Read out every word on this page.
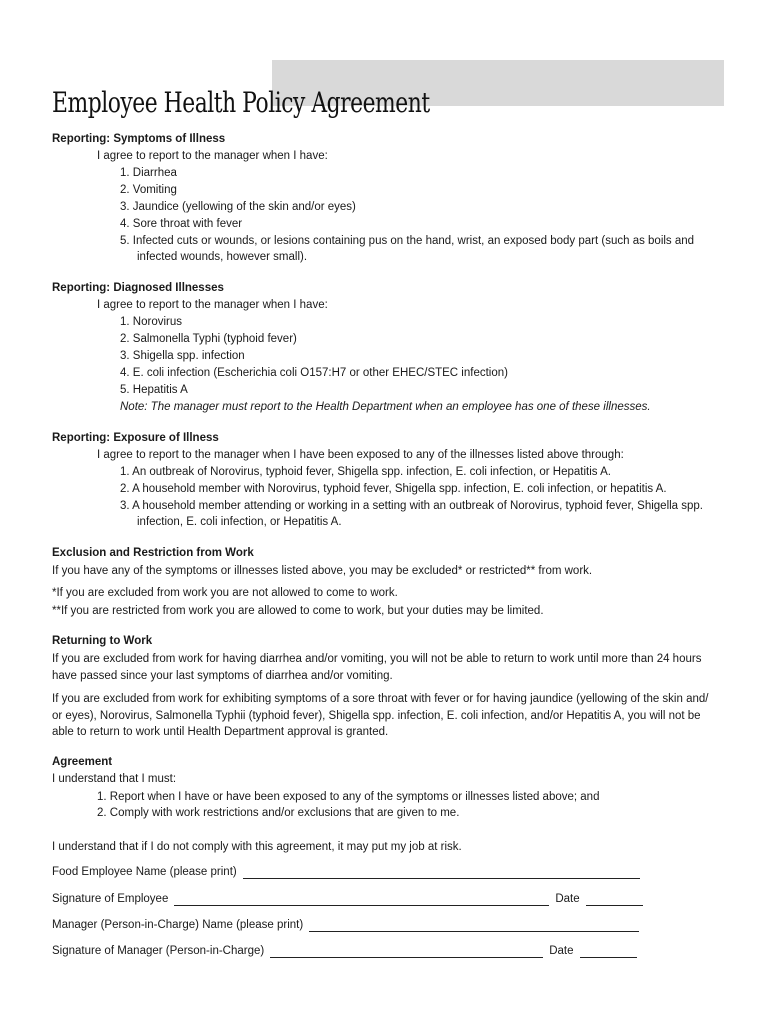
Employee Health Policy Agreement
Reporting: Symptoms of Illness
I agree to report to the manager when I have:
1. Diarrhea
2. Vomiting
3. Jaundice (yellowing of the skin and/or eyes)
4. Sore throat with fever
5. Infected cuts or wounds, or lesions containing pus on the hand, wrist, an exposed body part (such as boils and
infected wounds, however small).
Reporting: Diagnosed Illnesses
I agree to report to the manager when I have:
1. Norovirus
2. Salmonella Typhi (typhoid fever)
3. Shigella spp. infection
4. E. coli infection (Escherichia coli O157:H7 or other EHEC/STEC infection)
5. Hepatitis A
Note: The manager must report to the Health Department when an employee has one of these illnesses.
Reporting: Exposure of Illness
I agree to report to the manager when I have been exposed to any of the illnesses listed above through:
1. An outbreak of Norovirus, typhoid fever, Shigella spp. infection, E. coli infection, or Hepatitis A.
2. A household member with Norovirus, typhoid fever, Shigella spp. infection, E. coli infection, or hepatitis A.
3. A household member attending or working in a setting with an outbreak of Norovirus, typhoid fever, Shigella spp.
infection, E. coli infection, or Hepatitis A.
Exclusion and Restriction from Work
If you have any of the symptoms or illnesses listed above, you may be excluded* or restricted** from work.
*If you are excluded from work you are not allowed to come to work.
**If you are restricted from work you are allowed to come to work, but your duties may be limited.
Returning to Work
If you are excluded from work for having diarrhea and/or vomiting, you will not be able to return to work until more than 24 hours
have passed since your last symptoms of diarrhea and/or vomiting.
If you are excluded from work for exhibiting symptoms of a sore throat with fever or for having jaundice (yellowing of the skin and/
or eyes), Norovirus, Salmonella Typhii (typhoid fever), Shigella spp. infection, E. coli infection, and/or Hepatitis A, you will not be
able to return to work until Health Department approval is granted.
Agreement
I understand that I must:
1. Report when I have or have been exposed to any of the symptoms or illnesses listed above; and
2. Comply with work restrictions and/or exclusions that are given to me.
I understand that if I do not comply with this agreement, it may put my job at risk.
Food Employee Name (please print)
Signature of Employee	Date
Manager (Person-in-Charge) Name (please print)
Signature of Manager (Person-in-Charge)	Date
